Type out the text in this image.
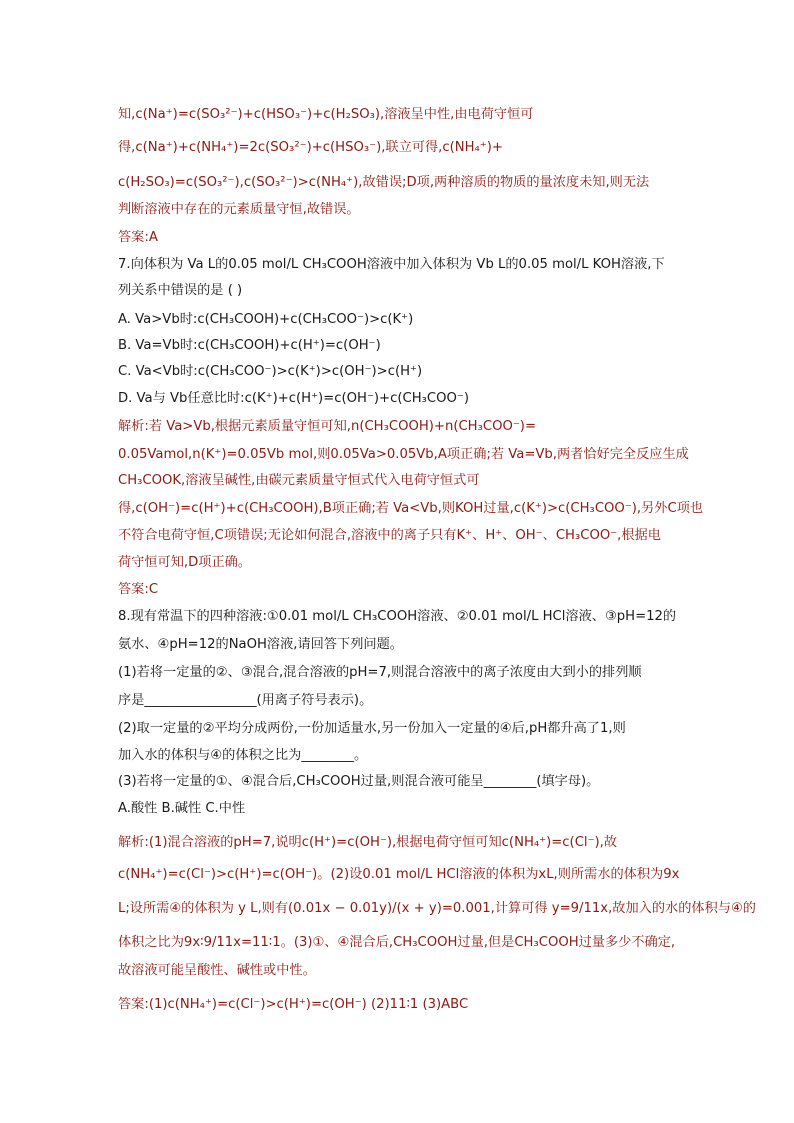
知,c(Na⁺)=c(SO₃²⁻)+c(HSO₃⁻)+c(H₂SO₃),溶液呈中性,由电荷守恒可
得,c(Na⁺)+c(NH₄⁺)=2c(SO₃²⁻)+c(HSO₃⁻),联立可得,c(NH₄⁺)+
c(H₂SO₃)=c(SO₃²⁻),c(SO₃²⁻)>c(NH₄⁺),故错误;D项,两种溶质的物质的量浓度未知,则无法
判断溶液中存在的元素质量守恒,故错误。
答案:A
7.向体积为 Va L的0.05 mol/L CH₃COOH溶液中加入体积为 Vb L的0.05 mol/L KOH溶液,下
列关系中错误的是 ( )
A. Va>Vb时:c(CH₃COOH)+c(CH₃COO⁻)>c(K⁺)
B. Va=Vb时:c(CH₃COOH)+c(H⁺)=c(OH⁻)
C. Va<Vb时:c(CH₃COO⁻)>c(K⁺)>c(OH⁻)>c(H⁺)
D. Va与 Vb任意比时:c(K⁺)+c(H⁺)=c(OH⁻)+c(CH₃COO⁻)
解析:若 Va>Vb,根据元素质量守恒可知,n(CH₃COOH)+n(CH₃COO⁻)=
0.05Vamol,n(K⁺)=0.05Vb mol,则0.05Va>0.05Vb,A项正确;若 Va=Vb,两者恰好完全反应生成
CH₃COOK,溶液呈碱性,由碳元素质量守恒式代入电荷守恒式可
得,c(OH⁻)=c(H⁺)+c(CH₃COOH),B项正确;若 Va<Vb,则KOH过量,c(K⁺)>c(CH₃COO⁻),另外C项也
不符合电荷守恒,C项错误;无论如何混合,溶液中的离子只有K⁺、H⁺、OH⁻、CH₃COO⁻,根据电
荷守恒可知,D项正确。
答案:C
8.现有常温下的四种溶液:①0.01 mol/L CH₃COOH溶液、②0.01 mol/L HCl溶液、③pH=12的
氨水、④pH=12的NaOH溶液,请回答下列问题。
(1)若将一定量的②、③混合,混合溶液的pH=7,则混合溶液中的离子浓度由大到小的排列顺
序是_________________(用离子符号表示)。
(2)取一定量的②平均分成两份,一份加适量水,另一份加入一定量的④后,pH都升高了1,则
加入水的体积与④的体积之比为________。
(3)若将一定量的①、④混合后,CH₃COOH过量,则混合液可能呈________(填字母)。
A.酸性 B.碱性 C.中性
解析:(1)混合溶液的pH=7,说明c(H⁺)=c(OH⁻),根据电荷守恒可知c(NH₄⁺)=c(Cl⁻),故
c(NH₄⁺)=c(Cl⁻)>c(H⁺)=c(OH⁻)。(2)设0.01 mol/L HCl溶液的体积为xL,则所需水的体积为9x
L;设所需④的体积为 y L,则有(0.01x − 0.01y)/(x + y)=0.001,计算可得 y=9/11x,故加入的水的体积与④的
体积之比为9x∶9/11x=11∶1。(3)①、④混合后,CH₃COOH过量,但是CH₃COOH过量多少不确定,
故溶液可能呈酸性、碱性或中性。
答案:(1)c(NH₄⁺)=c(Cl⁻)>c(H⁺)=c(OH⁻) (2)11∶1 (3)ABC
